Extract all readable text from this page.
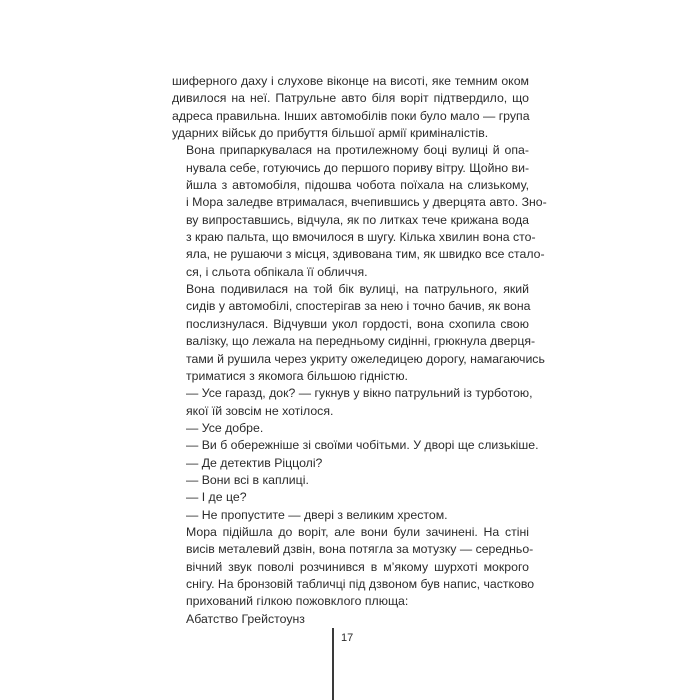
шиферного даху і слухове віконце на висоті, яке темним оком
дивилося на неї. Патрульне авто біля воріт підтвердило, що
адреса правильна. Інших автомобілів поки було мало — група
ударних військ до прибуття більшої армії криміналістів.

Вона припаркувалася на протилежному боці вулиці й опа-
нувала себе, готуючись до першого пориву вітру. Щойно ви-
йшла з автомобіля, підошва чобота поїхала на слизькому,
і Мора заледве втрималася, вчепившись у дверцята авто. Зно-
ву випроставшись, відчула, як по литках тече крижана вода
з краю пальта, що вмочилося в шугу. Кілька хвилин вона сто-
яла, не рушаючи з місця, здивована тим, як швидко все стало-
ся, і сльота обпікала її обличчя.

Вона подивилася на той бік вулиці, на патрульного, який
сидів у автомобілі, спостерігав за нею і точно бачив, як вона
послизнулася. Відчувши укол гордості, вона схопила свою
валізку, що лежала на передньому сидінні, грюкнула дверця-
тами й рушила через укриту ожеледицею дорогу, намагаючись
триматися з якомога більшою гідністю.

— Усе гаразд, док? — гукнув у вікно патрульний із турботою,
якої їй зовсім не хотілося.

— Усе добре.

— Ви б обережніше зі своїми чобітьми. У дворі ще слизькіше.

— Де детектив Ріццолі?

— Вони всі в каплиці.

— І де це?

— Не пропустите — двері з великим хрестом.

Мора підійшла до воріт, але вони були зачинені. На стіні
висів металевий дзвін, вона потягла за мотузку — середньо-
вічний звук поволі розчинився в м’якому шурхоті мокрого
снігу. На бронзовій табличці під дзвоном був напис, частково
прихований гілкою пожовклого плюща:

Абатство Грейстоунз

17
